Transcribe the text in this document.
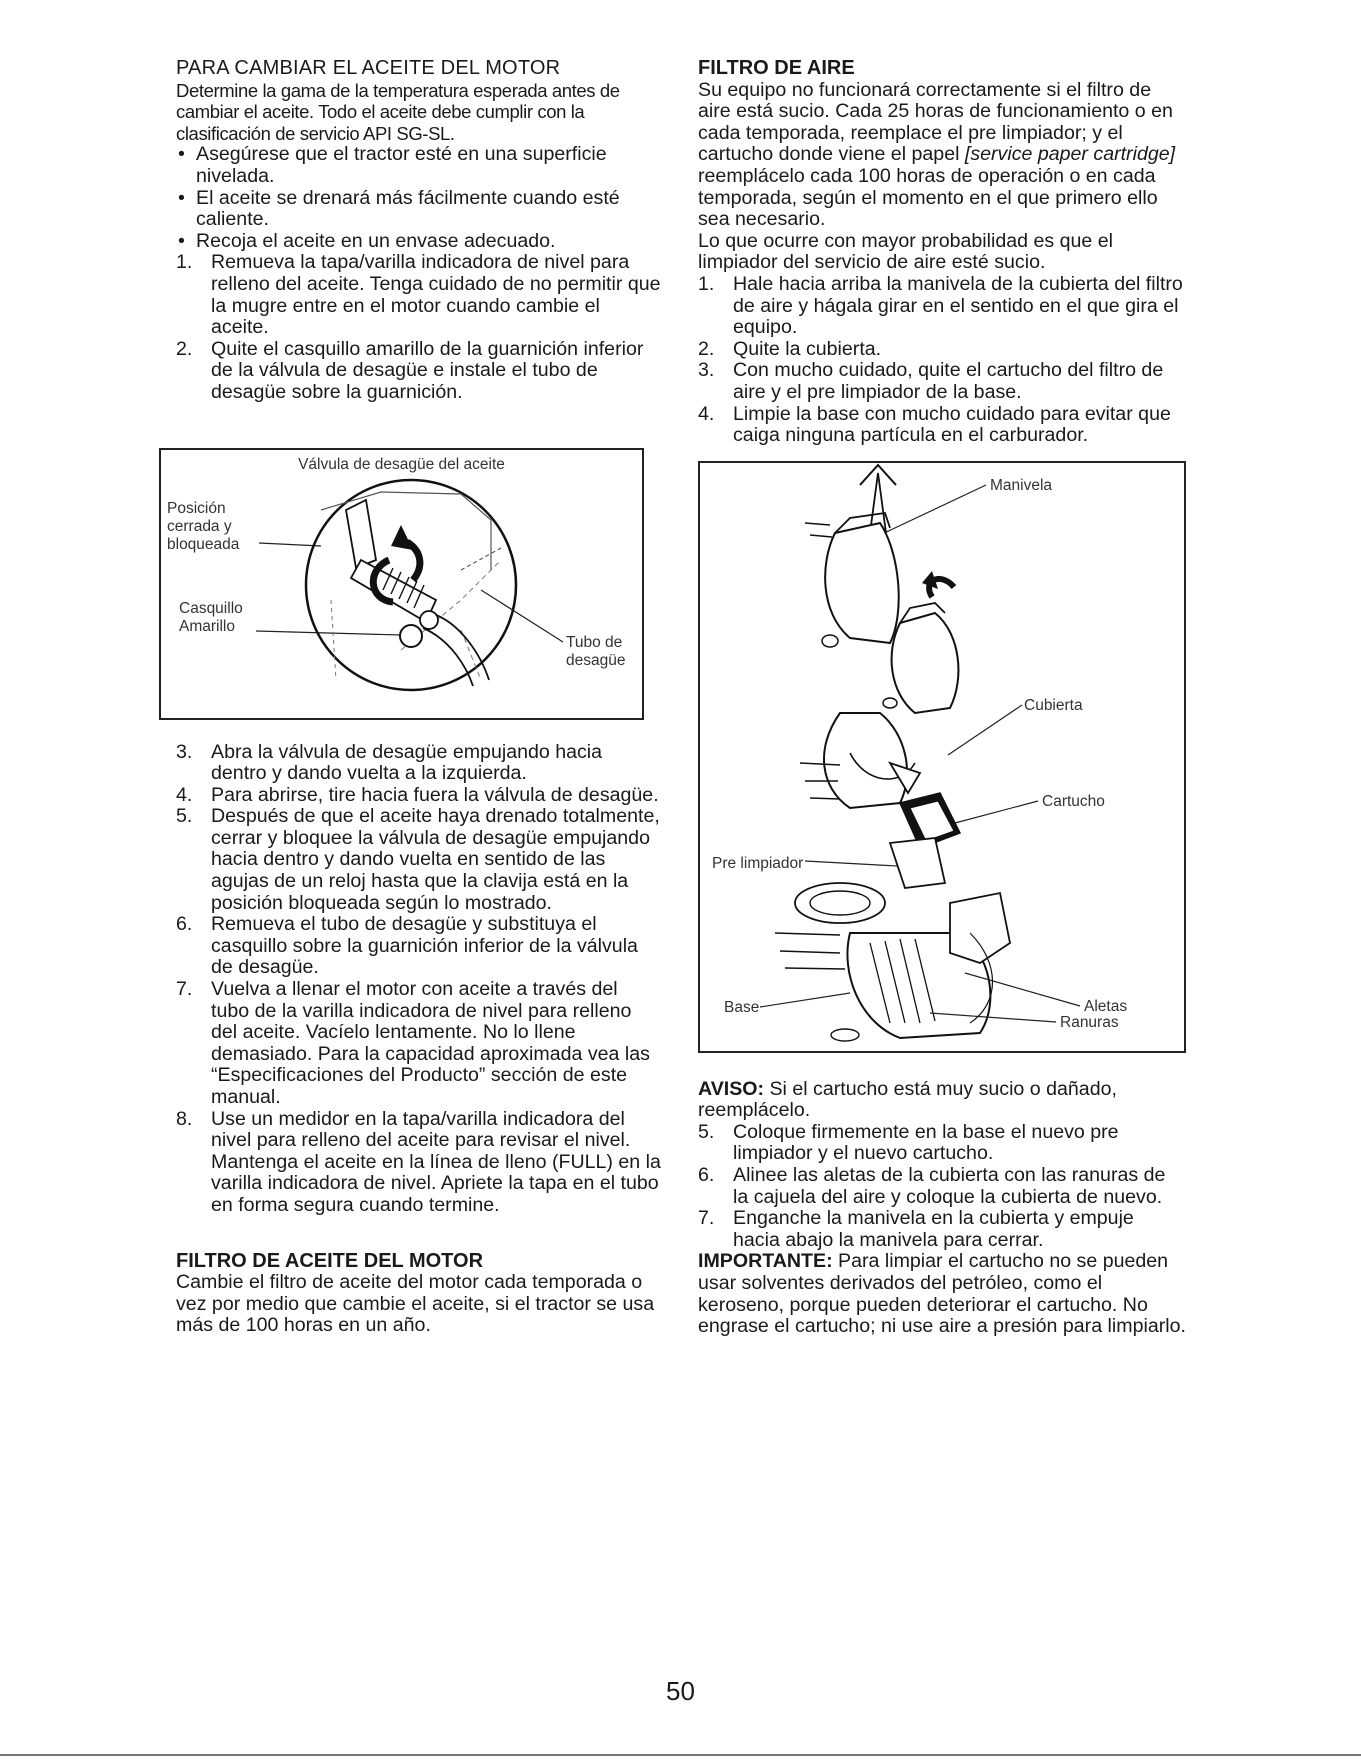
PARA CAMBIAR EL ACEITE DEL MOTOR

Determine la gama de la temperatura esperada antes de cambiar el aceite. Todo el aceite debe cumplir con la clasificación de servicio API SG-SL.

• Asegúrese que el tractor esté en una superficie nivelada.
• El aceite se drenará más fácilmente cuando esté caliente.
• Recoja el aceite en un envase adecuado.
1. Remueva la tapa/varilla indicadora de nivel para relleno del aceite. Tenga cuidado de no permitir que la mugre entre en el motor cuando cambie el aceite.
2. Quite el casquillo amarillo de la guarnición inferior de la válvula de desagüe e instale el tubo de desagüe sobre la guarnición.
Válvula de desagüe del aceite
Posición
cerrada y
bloqueada
Casquillo
Amarillo
Tubo de
desagüe
3. Abra la válvula de desagüe empujando hacia dentro y dando vuelta a la izquierda.
4. Para abrirse, tire hacia fuera la válvula de desagüe.
5. Después de que el aceite haya drenado totalmente, cerrar y bloquee la válvula de desagüe empujando hacia dentro y dando vuelta en sentido de las agujas de un reloj hasta que la clavija está en la posición bloqueada según lo mostrado.
6. Remueva el tubo de desagüe y substituya el casquillo sobre la guarnición inferior de la válvula de desagüe.
7. Vuelva a llenar el motor con aceite a través del tubo de la varilla indicadora de nivel para relleno del aceite. Vacíelo lentamente. No lo llene demasiado. Para la capacidad aproximada vea las “Especificaciones del Producto” sección de este manual.
8. Use un medidor en la tapa/varilla indicadora del nivel para relleno del aceite para revisar el nivel. Mantenga el aceite en la línea de lleno (FULL) en la varilla indicadora de nivel. Apriete la tapa en el tubo en forma segura cuando termine.
FILTRO DE ACEITE DEL MOTOR

Cambie el filtro de aceite del motor cada temporada o vez por medio que cambie el aceite, si el tractor se usa más de 100 horas en un año.

FILTRO DE AIRE

Su equipo no funcionará correctamente si el filtro de aire está sucio. Cada 25 horas de funcionamiento o en cada temporada, reemplace el pre limpiador; y el cartucho donde viene el papel [service paper cartridge] reemplácelo cada 100 horas de operación o en cada temporada, según el momento en el que primero ello sea necesario.

Lo que ocurre con mayor probabilidad es que el limpiador del servicio de aire esté sucio.

1. Hale hacia arriba la manivela de la cubierta del filtro de aire y hágala girar en el sentido en el que gira el equipo.
2. Quite la cubierta.
3. Con mucho cuidado, quite el cartucho del filtro de aire y el pre limpiador de la base.
4. Limpie la base con mucho cuidado para evitar que caiga ninguna partícula en el carburador.
Manivela
Cubierta
Cartucho
Pre limpiador
Base	Aletas
Ranuras

AVISO: Si el cartucho está muy sucio o dañado, reemplácelo.

5. Coloque firmemente en la base el nuevo pre limpiador y el nuevo cartucho.
6. Alinee las aletas de la cubierta con las ranuras de la cajuela del aire y coloque la cubierta de nuevo.
7. Enganche la manivela en la cubierta y empuje hacia abajo la manivela para cerrar.

IMPORTANTE: Para limpiar el cartucho no se pueden usar solventes derivados del petróleo, como el keroseno, porque pueden deteriorar el cartucho. No engrase el cartucho; ni use aire a presión para limpiarlo.

50
